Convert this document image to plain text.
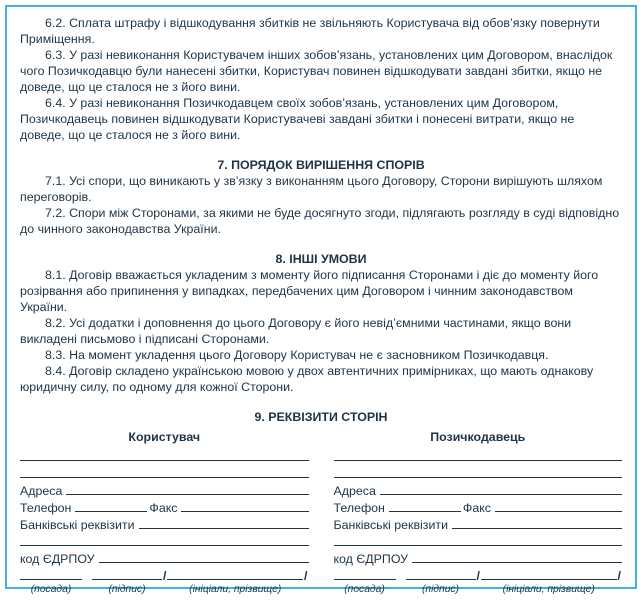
6.2. Сплата штрафу і відшкодування збитків не звільняють Користувача від обов’язку повернути Приміщення.

6.3. У разі невиконання Користувачем інших зобов’язань, установлених цим Договором, внаслідок чого Позичкодавцю були нанесені збитки, Користувач повинен відшкодувати завдані збитки, якщо не доведе, що це сталося не з його вини.

6.4. У разі невиконання Позичкодавцем своїх зобов’язань, установлених цим Договором, Позичкодавець повинен відшкодувати Користувачеві завдані збитки і понесені витрати, якщо не доведе, що це сталося не з його вини.

7. ПОРЯДОК ВИРІШЕННЯ СПОРІВ

7.1. Усі спори, що виникають у зв’язку з виконанням цього Договору, Сторони вирішують шляхом переговорів.

7.2. Спори між Сторонами, за якими не буде досягнуто згоди, підлягають розгляду в суді відповідно до чинного законодавства України.

8. ІНШІ УМОВИ

8.1. Договір вважається укладеним з моменту його підписання Сторонами і діє до моменту його розірвання або припинення у випадках, передбачених цим Договором і чинним законодавством України.

8.2. Усі додатки і доповнення до цього Договору є його невід’ємними частинами, якщо вони викладені письмово і підписані Сторонами.

8.3. На момент укладення цього Договору Користувач не є засновником Позичкодавця.

8.4. Договір складено українською мовою у двох автентичних примірниках, що мають однакову юридичну силу, по одному для кожної Сторони.

9. РЕКВІЗИТИ СТОРІН
Користувач
Адреса
Телефон	Факс
Банківські реквізити
код ЄДРПОУ
/	/
(посада)	(підпис)	(ініціали, прізвище)
Позичкодавець
Адреса
Телефон	Факс
Банківські реквізити
код ЄДРПОУ
/	/
(посада)	(підпис)	(ініціали, прізвище)
